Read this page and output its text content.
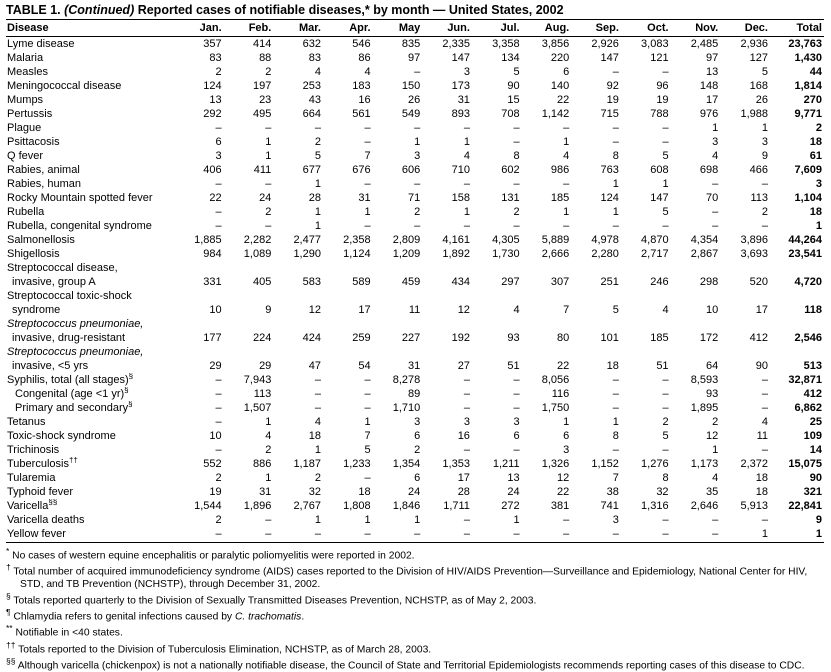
TABLE 1. (Continued) Reported cases of notifiable diseases,* by month — United States, 2002
Disease	Jan.	Feb.	Mar.	Apr.	May	Jun.	Jul.	Aug.	Sep.	Oct.	Nov.	Dec.	Total

Lyme disease	357	414	632	546	835	2,335	3,358	3,856	2,926	3,083	2,485	2,936	23,763

Malaria	83	88	83	86	97	147	134	220	147	121	97	127	1,430

Measles	2	2	4	4	–	3	5	6	–	–	13	5	44

Meningococcal disease	124	197	253	183	150	173	90	140	92	96	148	168	1,814

Mumps	13	23	43	16	26	31	15	22	19	19	17	26	270

Pertussis	292	495	664	561	549	893	708	1,142	715	788	976	1,988	9,771

Plague	–	–	–	–	–	–	–	–	–	–	1	1	2

Psittacosis	6	1	2	–	1	1	–	1	–	–	3	3	18

Q fever	3	1	5	7	3	4	8	4	8	5	4	9	61

Rabies, animal	406	411	677	676	606	710	602	986	763	608	698	466	7,609

Rabies, human	–	–	1	–	–	–	–	–	1	1	–	–	3

Rocky Mountain spotted fever	22	24	28	31	71	158	131	185	124	147	70	113	1,104

Rubella	–	2	1	1	2	1	2	1	1	5	–	2	18

Rubella, congenital syndrome	–	–	1	–	–	–	–	–	–	–	–	–	1

Salmonellosis	1,885	2,282	2,477	2,358	2,809	4,161	4,305	5,889	4,978	4,870	4,354	3,896	44,264

Shigellosis	984	1,089	1,290	1,124	1,209	1,892	1,730	2,666	2,280	2,717	2,867	3,693	23,541

Streptococcal disease,
invasive, group A	331	405	583	589	459	434	297	307	251	246	298	520	4,720

Streptococcal toxic-shock
syndrome	10	9	12	17	11	12	4	7	5	4	10	17	118

Streptococcus pneumoniae,
invasive, drug-resistant	177	224	424	259	227	192	93	80	101	185	172	412	2,546

Streptococcus pneumoniae,
invasive, <5 yrs	29	29	47	54	31	27	51	22	18	51	64	90	513

Syphilis, total (all stages)§	–	7,943	–	–	8,278	–	–	8,056	–	–	8,593	–	32,871

Congenital (age <1 yr)§	–	113	–	–	89	–	–	116	–	–	93	–	412

Primary and secondary§	–	1,507	–	–	1,710	–	–	1,750	–	–	1,895	–	6,862

Tetanus	–	1	4	1	3	3	3	1	1	2	2	4	25

Toxic-shock syndrome	10	4	18	7	6	16	6	6	8	5	12	11	109

Trichinosis	–	2	1	5	2	–	–	3	–	–	1	–	14

Tuberculosis††	552	886	1,187	1,233	1,354	1,353	1,211	1,326	1,152	1,276	1,173	2,372	15,075

Tularemia	2	1	2	–	6	17	13	12	7	8	4	18	90

Typhoid fever	19	31	32	18	24	28	24	22	38	32	35	18	321

Varicella§§	1,544	1,896	2,767	1,808	1,846	1,711	272	381	741	1,316	2,646	5,913	22,841

Varicella deaths	2	–	1	1	1	–	1	–	3	–	–	–	9

Yellow fever	–	–	–	–	–	–	–	–	–	–	–	1	1
* No cases of western equine encephalitis or paralytic poliomyelitis were reported in 2002.
† Total number of acquired immunodeficiency syndrome (AIDS) cases reported to the Division of HIV/AIDS Prevention—Surveillance and Epidemiology, National Center for HIV, STD, and TB Prevention (NCHSTP), through December 31, 2002.
§ Totals reported quarterly to the Division of Sexually Transmitted Diseases Prevention, NCHSTP, as of May 2, 2003.
¶ Chlamydia refers to genital infections caused by C. trachomatis.
** Notifiable in <40 states.
†† Totals reported to the Division of Tuberculosis Elimination, NCHSTP, as of March 28, 2003.
§§ Although varicella (chickenpox) is not a nationally notifiable disease, the Council of State and Territorial Epidemiologists recommends reporting cases of this disease to CDC.
